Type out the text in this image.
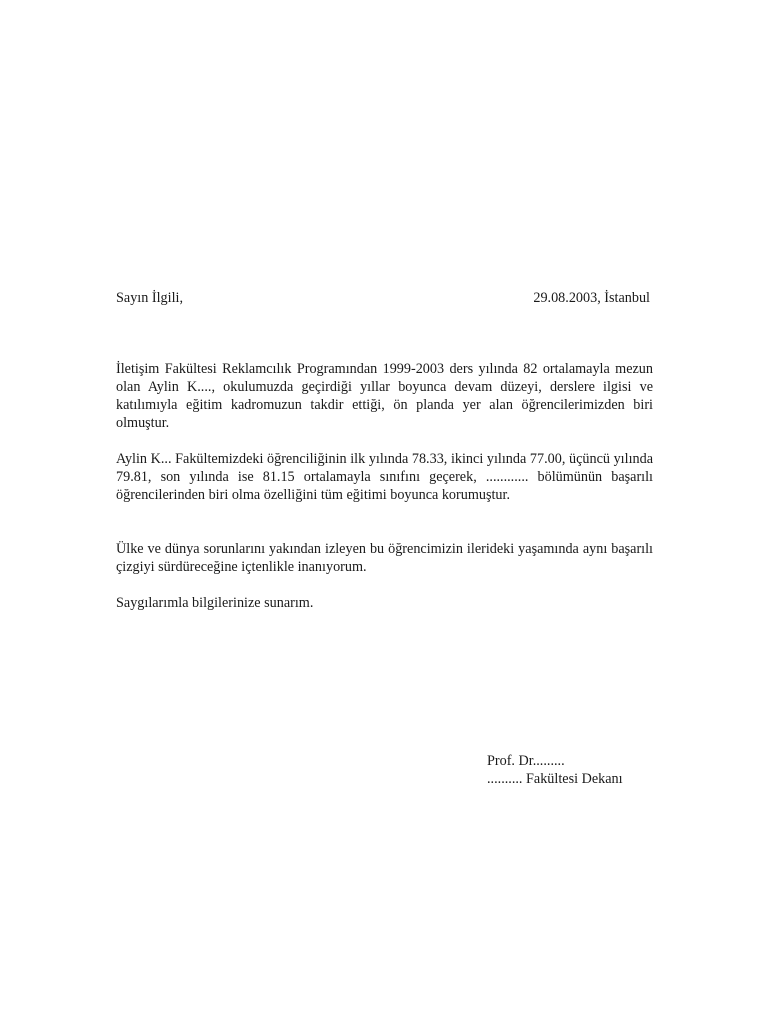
Sayın İlgili,	29.08.2003, İstanbul

İletişim Fakültesi Reklamcılık Programından 1999-2003 ders yılında 82 ortalamayla mezun olan Aylin K...., okulumuzda geçirdiği yıllar boyunca devam düzeyi, derslere ilgisi ve katılımıyla eğitim kadromuzun takdir ettiği, ön planda yer alan öğrencilerimizden biri olmuştur.

Aylin K... Fakültemizdeki öğrenciliğinin ilk yılında 78.33, ikinci yılında 77.00, üçüncü yılında 79.81, son yılında ise 81.15 ortalamayla sınıfını geçerek, ............ bölümünün başarılı öğrencilerinden biri olma özelliğini tüm eğitimi boyunca korumuştur.

Ülke ve dünya sorunlarını yakından izleyen bu öğrencimizin ilerideki yaşamında aynı başarılı çizgiyi sürdüreceğine içtenlikle inanıyorum.

Saygılarımla bilgilerinize sunarım.

Prof. Dr.........
.......... Fakültesi Dekanı
